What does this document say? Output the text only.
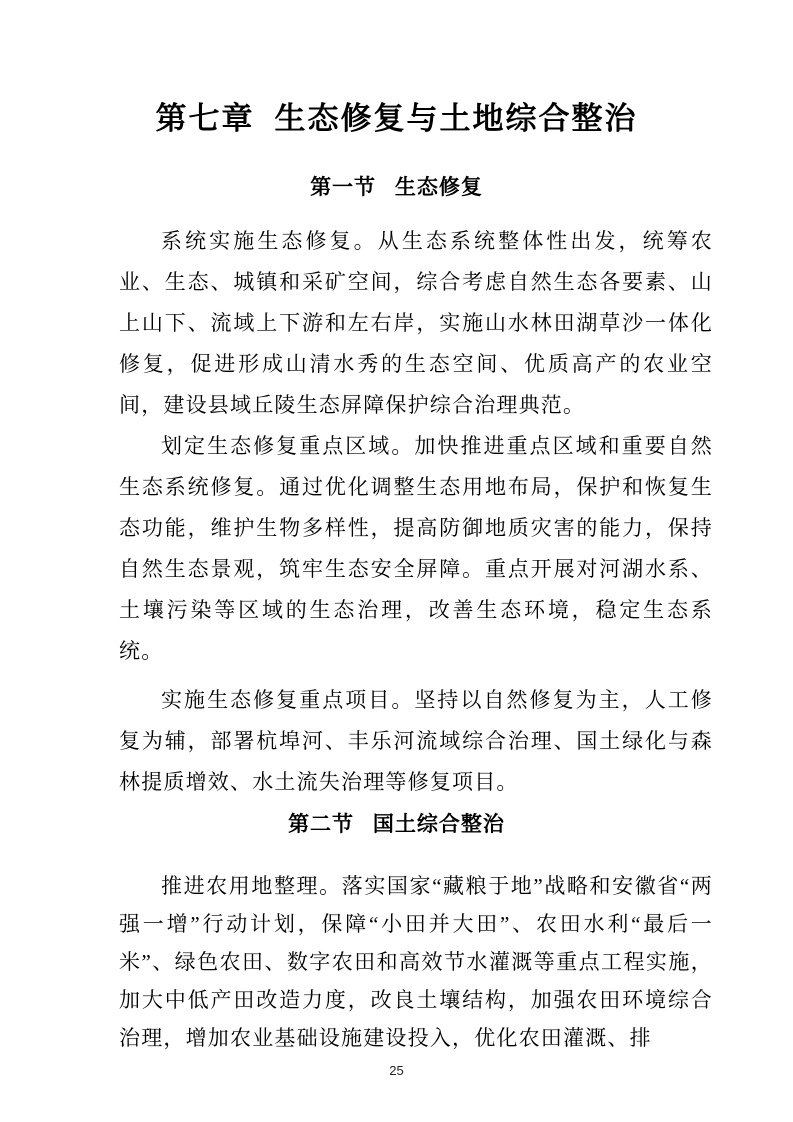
第七章 生态修复与土地综合整治
第一节 生态修复

系统实施生态修复。从生态系统整体性出发，统筹农业、生态、城镇和采矿空间，综合考虑自然生态各要素、山上山下、流域上下游和左右岸，实施山水林田湖草沙一体化修复，促进形成山清水秀的生态空间、优质高产的农业空间，建设县域丘陵生态屏障保护综合治理典范。

划定生态修复重点区域。加快推进重点区域和重要自然生态系统修复。通过优化调整生态用地布局，保护和恢复生态功能，维护生物多样性，提高防御地质灾害的能力，保持自然生态景观，筑牢生态安全屏障。重点开展对河湖水系、土壤污染等区域的生态治理，改善生态环境，稳定生态系统。

实施生态修复重点项目。坚持以自然修复为主，人工修复为辅，部署杭埠河、丰乐河流域综合治理、国土绿化与森林提质增效、水土流失治理等修复项目。

第二节 国土综合整治

推进农用地整理。落实国家“藏粮于地”战略和安徽省“两强一增”行动计划，保障“小田并大田”、农田水利“最后一米”、绿色农田、数字农田和高效节水灌溉等重点工程实施，加大中低产田改造力度，改良土壤结构，加强农田环境综合治理，增加农业基础设施建设投入，优化农田灌溉、排

25
